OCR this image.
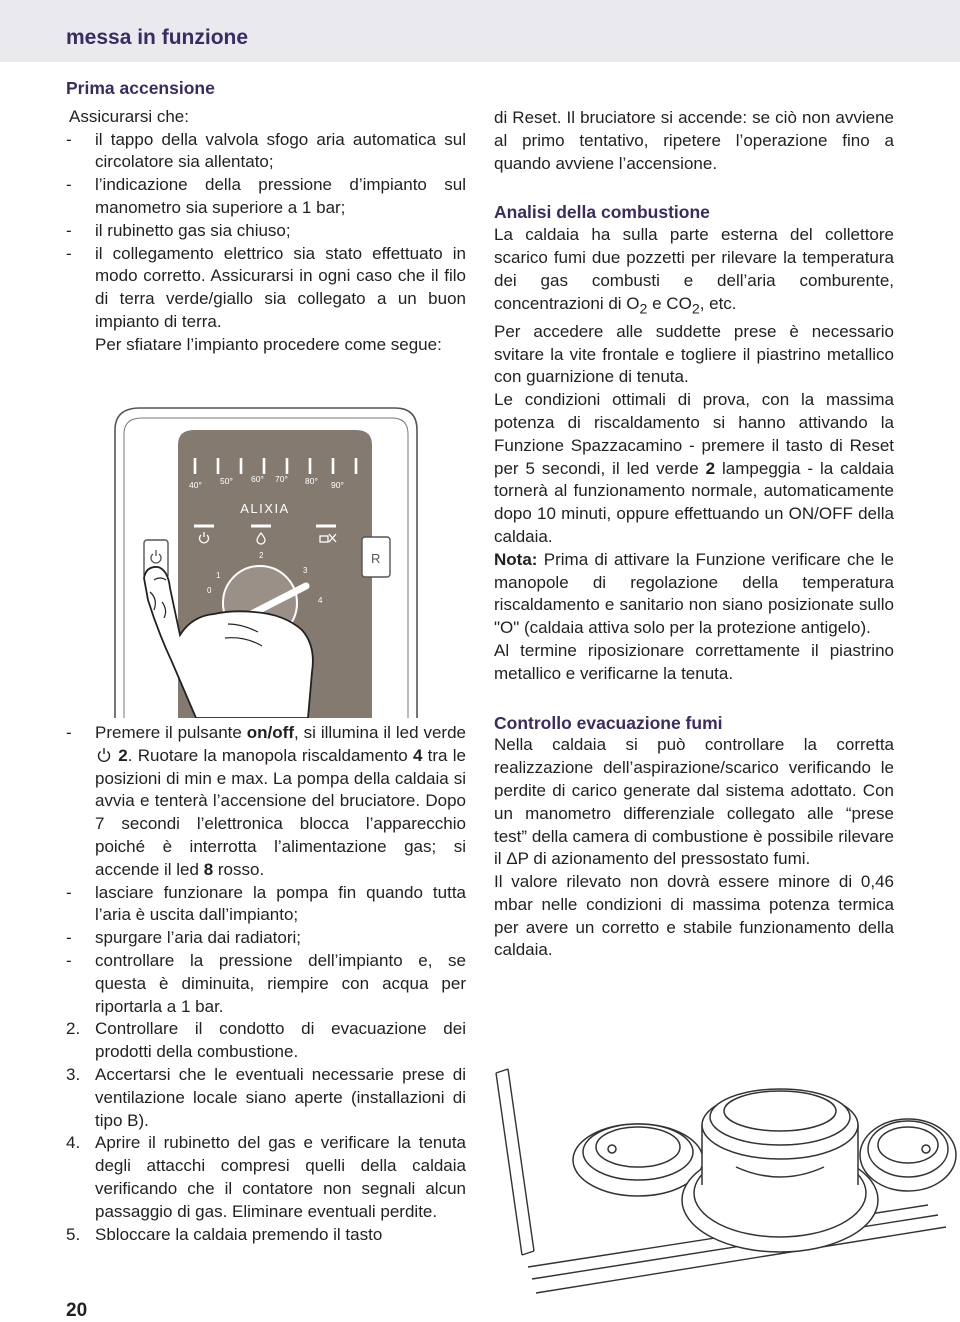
messa in funzione

Prima accensione

Assicurarsi che:

- il tappo della valvola sfogo aria automatica sul circolatore sia allentato;
- l’indicazione della pressione d’impianto sul manometro sia superiore a 1 bar;
- il rubinetto gas sia chiuso;
- il collegamento elettrico sia stato effettuato in modo corretto. Assicurarsi in ogni caso che il filo di terra verde/giallo sia collegato a un buon impianto di terra.

Per sfiatare l’impianto procedere come segue:

40° 50° 60° 70° 80° 90°
ALIXIA
2
1
3
0
4
R
- Premere il pulsante on/off, si illumina il led verde  2. Ruotare la manopola riscaldamento 4 tra le posizioni di min e max. La pompa della caldaia si avvia e tenterà l’accensione del bruciatore. Dopo 7 secondi l’elettronica blocca l’apparecchio poiché è interrotta l’alimentazione gas; si accende il led 8 rosso.
- lasciare funzionare la pompa fin quando tutta l’aria è uscita dall’impianto;
- spurgare l’aria dai radiatori;
- controllare la pressione dell’impianto e, se questa è diminuita, riempire con acqua per riportarla a 1 bar.
2. Controllare il condotto di evacuazione dei prodotti della combustione.
3. Accertarsi che le eventuali necessarie prese di ventilazione locale siano aperte (installazioni di tipo B).
4. Aprire il rubinetto del gas e verificare la tenuta degli attacchi compresi quelli della caldaia verificando che il contatore non segnali alcun passaggio di gas. Eliminare eventuali perdite.
5. Sbloccare la caldaia premendo il tasto

di Reset. Il bruciatore si accende: se ciò non avviene al primo tentativo, ripetere l’operazione fino a quando avviene l’accensione.

Analisi della combustione

La caldaia ha sulla parte esterna del collettore scarico fumi due pozzetti per rilevare la temperatura dei gas combusti e dell’aria comburente, concentrazioni di $O_2$ e $CO_2$, etc.

Per accedere alle suddette prese è necessario svitare la vite frontale e togliere il piastrino metallico con guarnizione di tenuta.

Le condizioni ottimali di prova, con la massima potenza di riscaldamento si hanno attivando la Funzione Spazzacamino - premere il tasto di Reset per 5 secondi, il led verde 2 lampeggia - la caldaia tornerà al funzionamento normale, automaticamente dopo 10 minuti, oppure effettuando un ON/OFF della caldaia.

Nota: Prima di attivare la Funzione verificare che le manopole di regolazione della temperatura riscaldamento e sanitario non siano posizionate sullo "O" (caldaia attiva solo per la protezione antigelo).

Al termine riposizionare correttamente il piastrino metallico e verificarne la tenuta.

Controllo evacuazione fumi

Nella caldaia si può controllare la corretta realizzazione dell’aspirazione/scarico verificando le perdite di carico generate dal sistema adottato. Con un manometro differenziale collegato alle “prese test” della camera di combustione è possibile rilevare il ΔP di azionamento del pressostato fumi.

Il valore rilevato non dovrà essere minore di 0,46 mbar nelle condizioni di massima potenza termica per avere un corretto e stabile funzionamento della caldaia.

20
